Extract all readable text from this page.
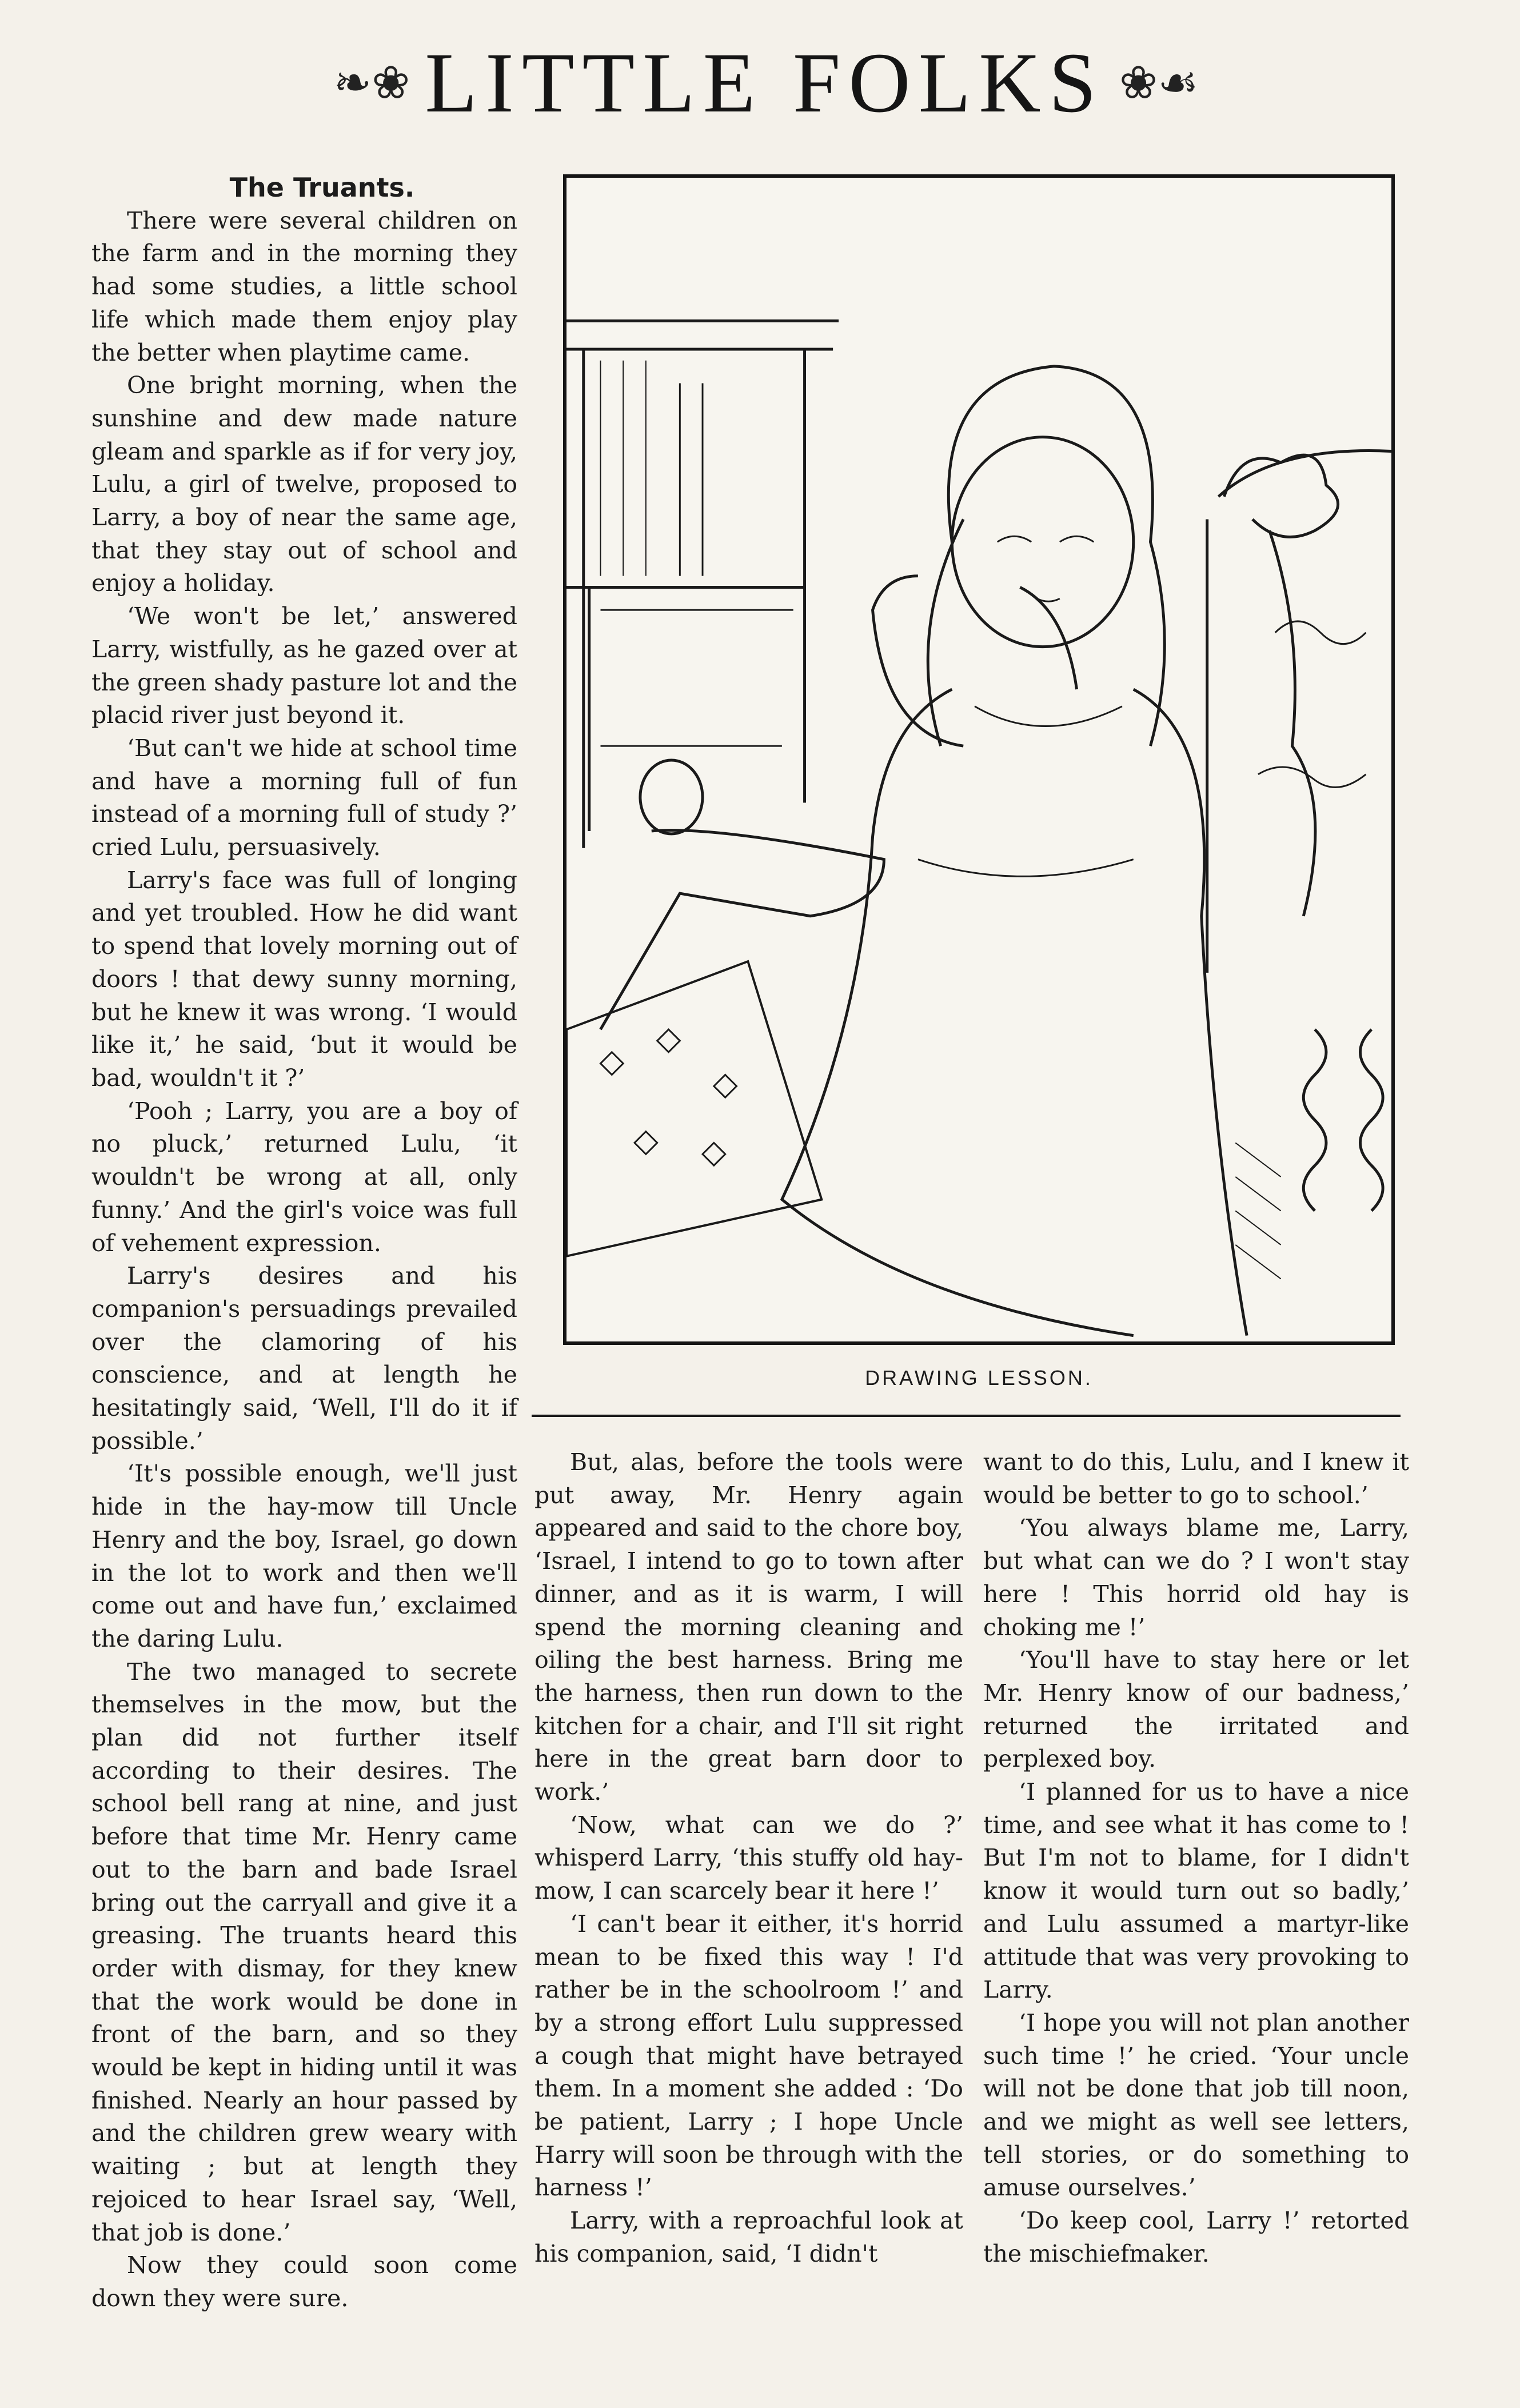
❧❀ LITTLE FOLKS ❀☙

The Truants.

There were several children on the farm and in the morning they had some studies, a little school life which made them enjoy play the better when playtime came.

One bright morning, when the sunshine and dew made nature gleam and sparkle as if for very joy, Lulu, a girl of twelve, proposed to Larry, a boy of near the same age, that they stay out of school and enjoy a holiday.

‘We won't be let,’ answered Larry, wistfully, as he gazed over at the green shady pasture lot and the placid river just beyond it.

‘But can't we hide at school time and have a morning full of fun instead of a morning full of study ?’ cried Lulu, persuasively.

Larry's face was full of longing and yet troubled. How he did want to spend that lovely morning out of doors ! that dewy sunny morning, but he knew it was wrong. ‘I would like it,’ he said, ‘but it would be bad, wouldn't it ?’

‘Pooh ; Larry, you are a boy of no pluck,’ returned Lulu, ‘it wouldn't be wrong at all, only funny.’ And the girl's voice was full of vehement expression.

Larry's desires and his companion's persuadings prevailed over the clamoring of his conscience, and at length he hesitatingly said, ‘Well, I'll do it if possible.’

‘It's possible enough, we'll just hide in the hay-mow till Uncle Henry and the boy, Israel, go down in the lot to work and then we'll come out and have fun,’ exclaimed the daring Lulu.

The two managed to secrete themselves in the mow, but the plan did not further itself according to their desires. The school bell rang at nine, and just before that time Mr. Henry came out to the barn and bade Israel bring out the carryall and give it a greasing. The truants heard this order with dismay, for they knew that the work would be done in front of the barn, and so they would be kept in hiding until it was finished. Nearly an hour passed by and the children grew weary with waiting ; but at length they rejoiced to hear Israel say, ‘Well, that job is done.’

Now they could soon come down they were sure.

DRAWING LESSON.

But, alas, before the tools were put away, Mr. Henry again appeared and said to the chore boy, ‘Israel, I intend to go to town after dinner, and as it is warm, I will spend the morning cleaning and oiling the best harness. Bring me the harness, then run down to the kitchen for a chair, and I'll sit right here in the great barn door to work.’

‘Now, what can we do ?’ whisperd Larry, ‘this stuffy old hay-mow, I can scarcely bear it here !’

‘I can't bear it either, it's horrid mean to be fixed this way ! I'd rather be in the schoolroom !’ and by a strong effort Lulu suppressed a cough that might have betrayed them. In a moment she added : ‘Do be patient, Larry ; I hope Uncle Harry will soon be through with the harness !’

Larry, with a reproachful look at his companion, said, ‘I didn't

want to do this, Lulu, and I knew it would be better to go to school.’

‘You always blame me, Larry, but what can we do ? I won't stay here ! This horrid old hay is choking me !’

‘You'll have to stay here or let Mr. Henry know of our badness,’ returned the irritated and perplexed boy.

‘I planned for us to have a nice time, and see what it has come to ! But I'm not to blame, for I didn't know it would turn out so badly,’ and Lulu assumed a martyr-like attitude that was very provoking to Larry.

‘I hope you will not plan another such time !’ he cried. ‘Your uncle will not be done that job till noon, and we might as well see letters, tell stories, or do something to amuse ourselves.’

‘Do keep cool, Larry !’ retorted the mischiefmaker.
